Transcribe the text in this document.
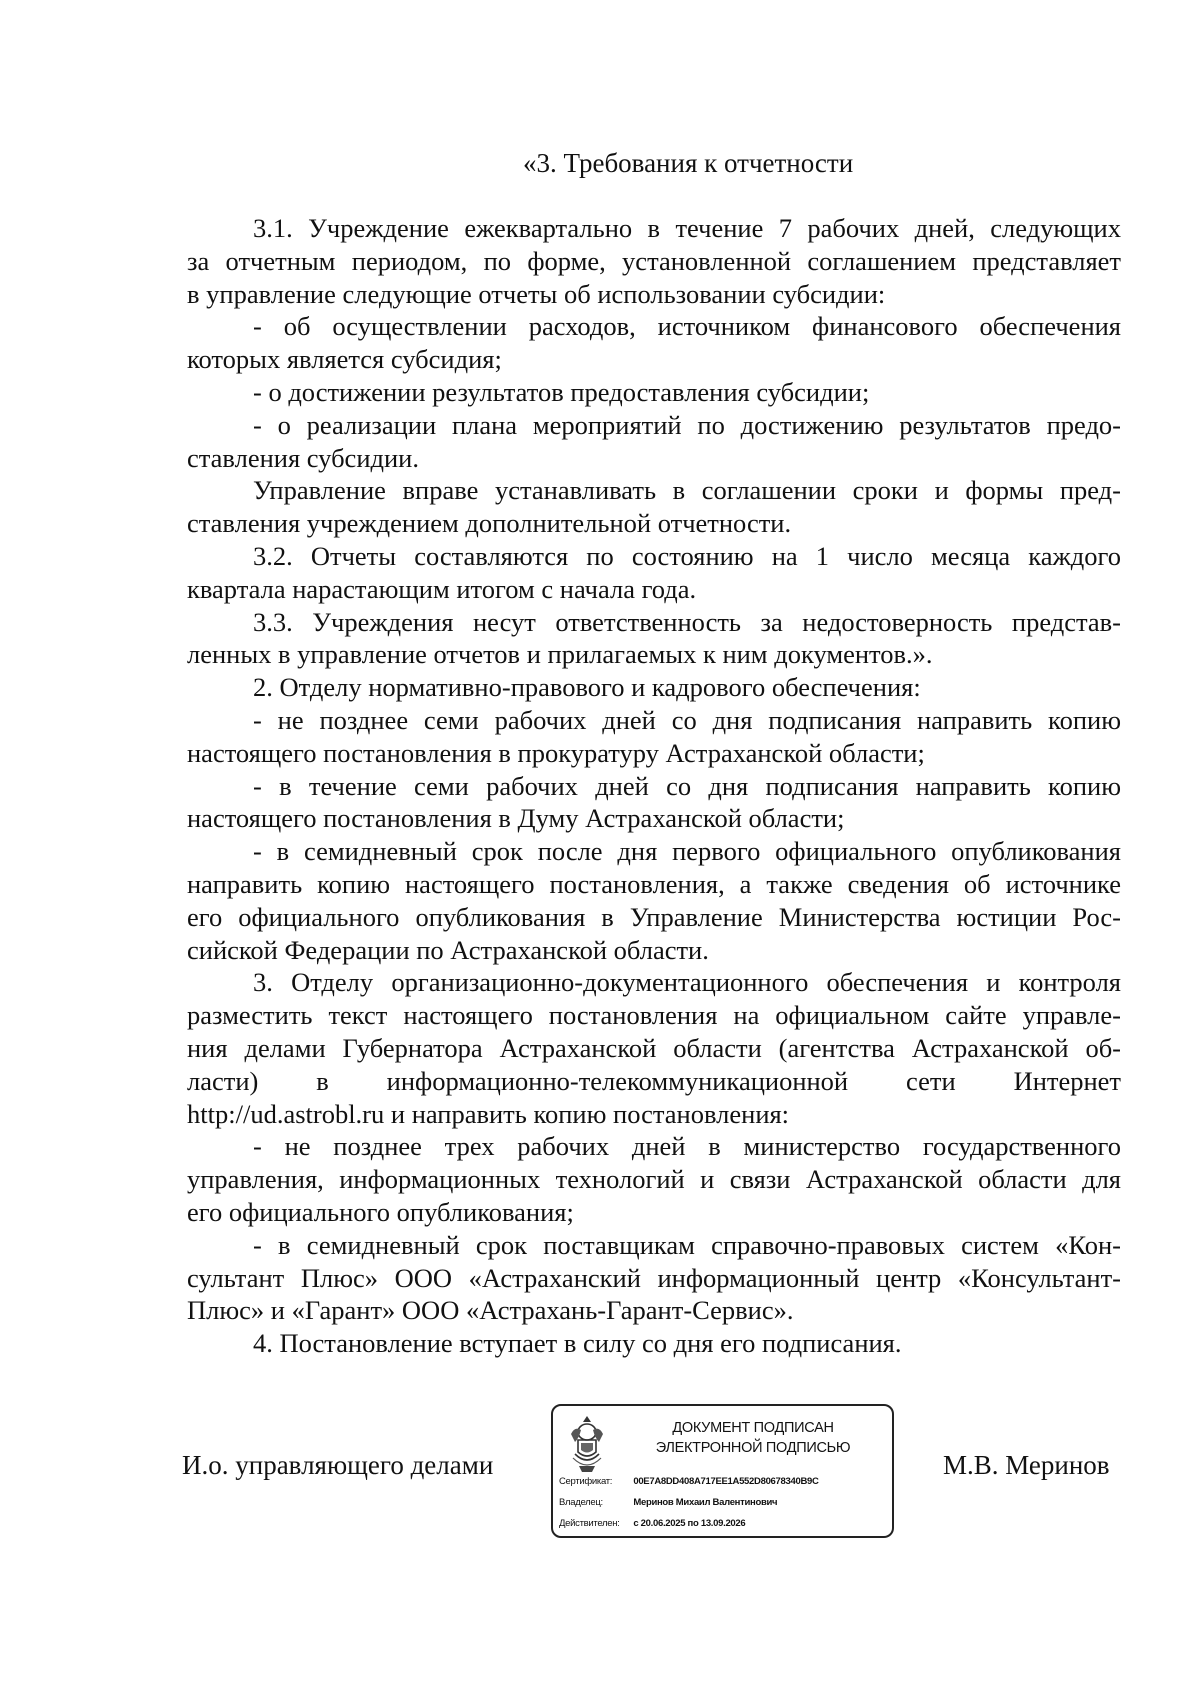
«3. Требования к отчетности
3.1. Учреждение ежеквартально в течение 7 рабочих дней, следующих
за отчетным периодом, по форме, установленной соглашением представляет
в управление следующие отчеты об использовании субсидии:
- об осуществлении расходов, источником финансового обеспечения
которых является субсидия;
- о достижении результатов предоставления субсидии;
- о реализации плана мероприятий по достижению результатов предо-
ставления субсидии.
Управление вправе устанавливать в соглашении сроки и формы пред-
ставления учреждением дополнительной отчетности.
3.2. Отчеты составляются по состоянию на 1 число месяца каждого
квартала нарастающим итогом с начала года.
3.3. Учреждения несут ответственность за недостоверность представ-
ленных в управление отчетов и прилагаемых к ним документов.».
2. Отделу нормативно-правового и кадрового обеспечения:
- не позднее семи рабочих дней со дня подписания направить копию
настоящего постановления в прокуратуру Астраханской области;
- в течение семи рабочих дней со дня подписания направить копию
настоящего постановления в Думу Астраханской области;
- в семидневный срок после дня первого официального опубликования
направить копию настоящего постановления, а также сведения об источнике
его официального опубликования в Управление Министерства юстиции Рос-
сийской Федерации по Астраханской области.
3. Отделу организационно-документационного обеспечения и контроля
разместить текст настоящего постановления на официальном сайте управле-
ния делами Губернатора Астраханской области (агентства Астраханской об-
ласти) в информационно-телекоммуникационной сети Интернет
http://ud.astrobl.ru и направить копию постановления:
- не позднее трех рабочих дней в министерство государственного
управления, информационных технологий и связи Астраханской области для
его официального опубликования;
- в семидневный срок поставщикам справочно-правовых систем «Кон-
сультант Плюс» ООО «Астраханский информационный центр «Консультант-
Плюс» и «Гарант» ООО «Астрахань-Гарант-Сервис».
4. Постановление вступает в силу со дня его подписания.
И.о. управляющего делами
ДОКУМЕНТ ПОДПИСАН
ЭЛЕКТРОННОЙ ПОДПИСЬЮ
Сертификат: 00E7A8DD408A717EE1A552D80678340B9C
Владелец:	Меринов Михаил Валентинович
Действителен: с 20.06.2025 по 13.09.2026
М.В. Меринов
